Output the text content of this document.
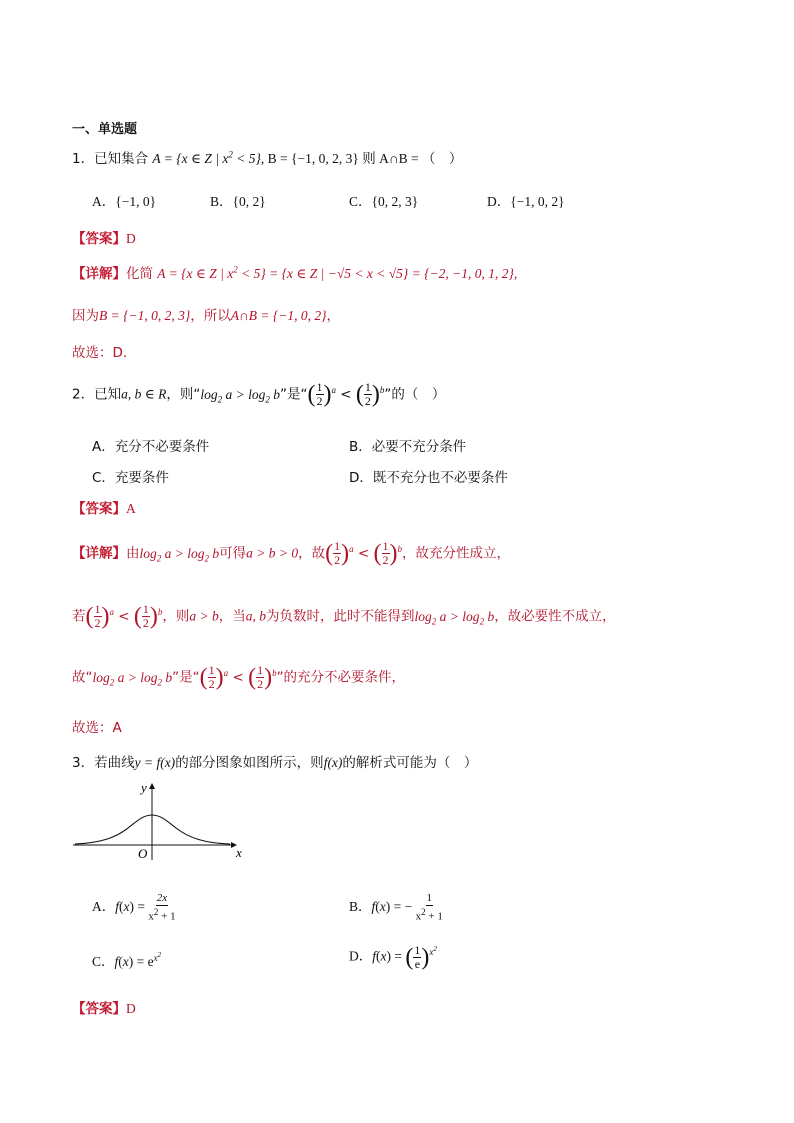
一、单选题
1．已知集合 A = {x ∈ Z | $x^2 < 5$}, B = {−1, 0, 2, 3} 则 A∩B = （　）
A．{−1, 0}	B．{0, 2}	C．{0, 2, 3}	D．{−1, 0, 2}
【答案】D
【详解】化简 A = {x ∈ Z | $x^2 < 5\} = \{x$ ∈ Z | −√5 < x < √5} = {−2, −1, 0, 1, 2},
因为B = {−1, 0, 2, 3}，所以A∩B = {−1, 0, 2}，
故选：D.
2．已知a, b ∈ R，则“$\log_2$ $a > \log_2 b$”是“( $\frac{1}{2} )^a$ < ( $\frac{1}{2} )^b$”的（　）
A．充分不必要条件	B．必要不充分条件
C．充要条件	D．既不充分也不必要条件
【答案】A
【详解】由$\log_2 a > \log_2 b$可得a > b > 0，故( $\frac{1}{2} )^a$ < ( $\frac{1}{2} )^b$，故充分性成立，
若( $\frac{1}{2} )^a$ < ( $\frac{1}{2} )^b$，则a > b，当a, b为负数时，此时不能得到$\log_2 a > \log_2 b$，故必要性不成立，
故“$\log_2$ $a > \log_2 b$”是“( $\frac{1}{2} )^a$ < ( $\frac{1}{2} )^b$”的充分不必要条件，
故选：A
3．若曲线y = f(x)的部分图象如图所示，则f(x)的解析式可能为（　）
x
y
O
A．$f(x) = \frac{2x}{x^2 + 1}$	B．f(x) = − $\frac{1}{x^2 + 1}$
C．$f(x) = e^{x^2}$	D．f(x) = ( $\frac{1}{e} )^{x^2}$
【答案】D
